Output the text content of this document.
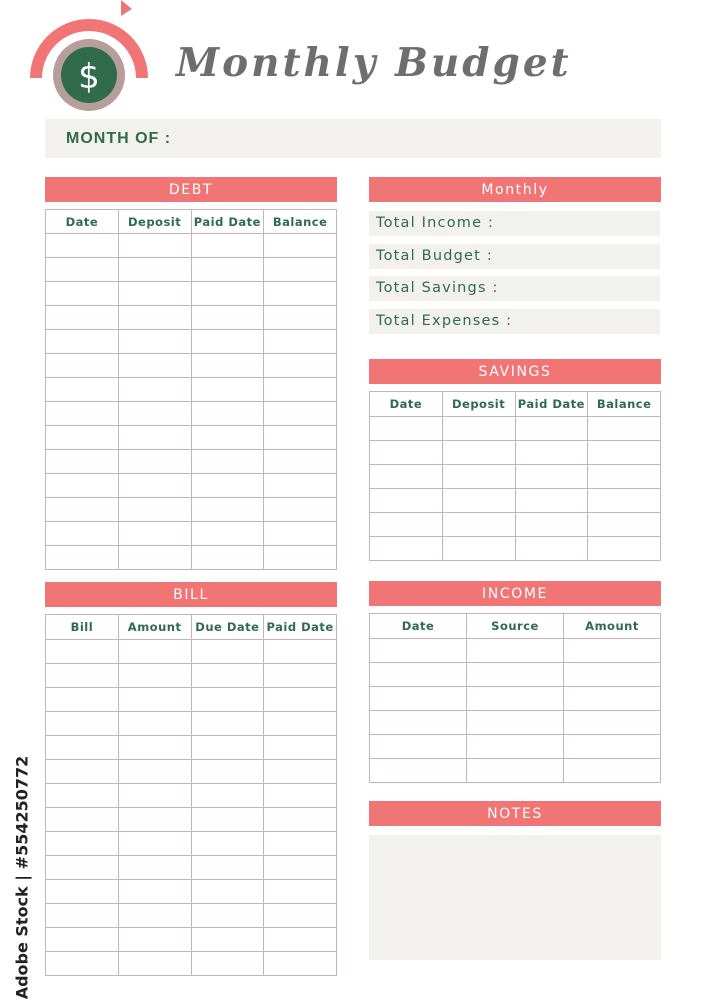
$ Monthly Budget
MONTH OF :
DEBT
Date	Deposit	Paid Date	Balance

Monthly
Total Income :
Total Budget :
Total Savings :
Total Expenses :
SAVINGS
Date	Deposit	Paid Date	Balance

BILL
Bill	Amount	Due Date	Paid Date

INCOME
Date	Source	Amount

NOTES
Adobe Stock | #554250772
